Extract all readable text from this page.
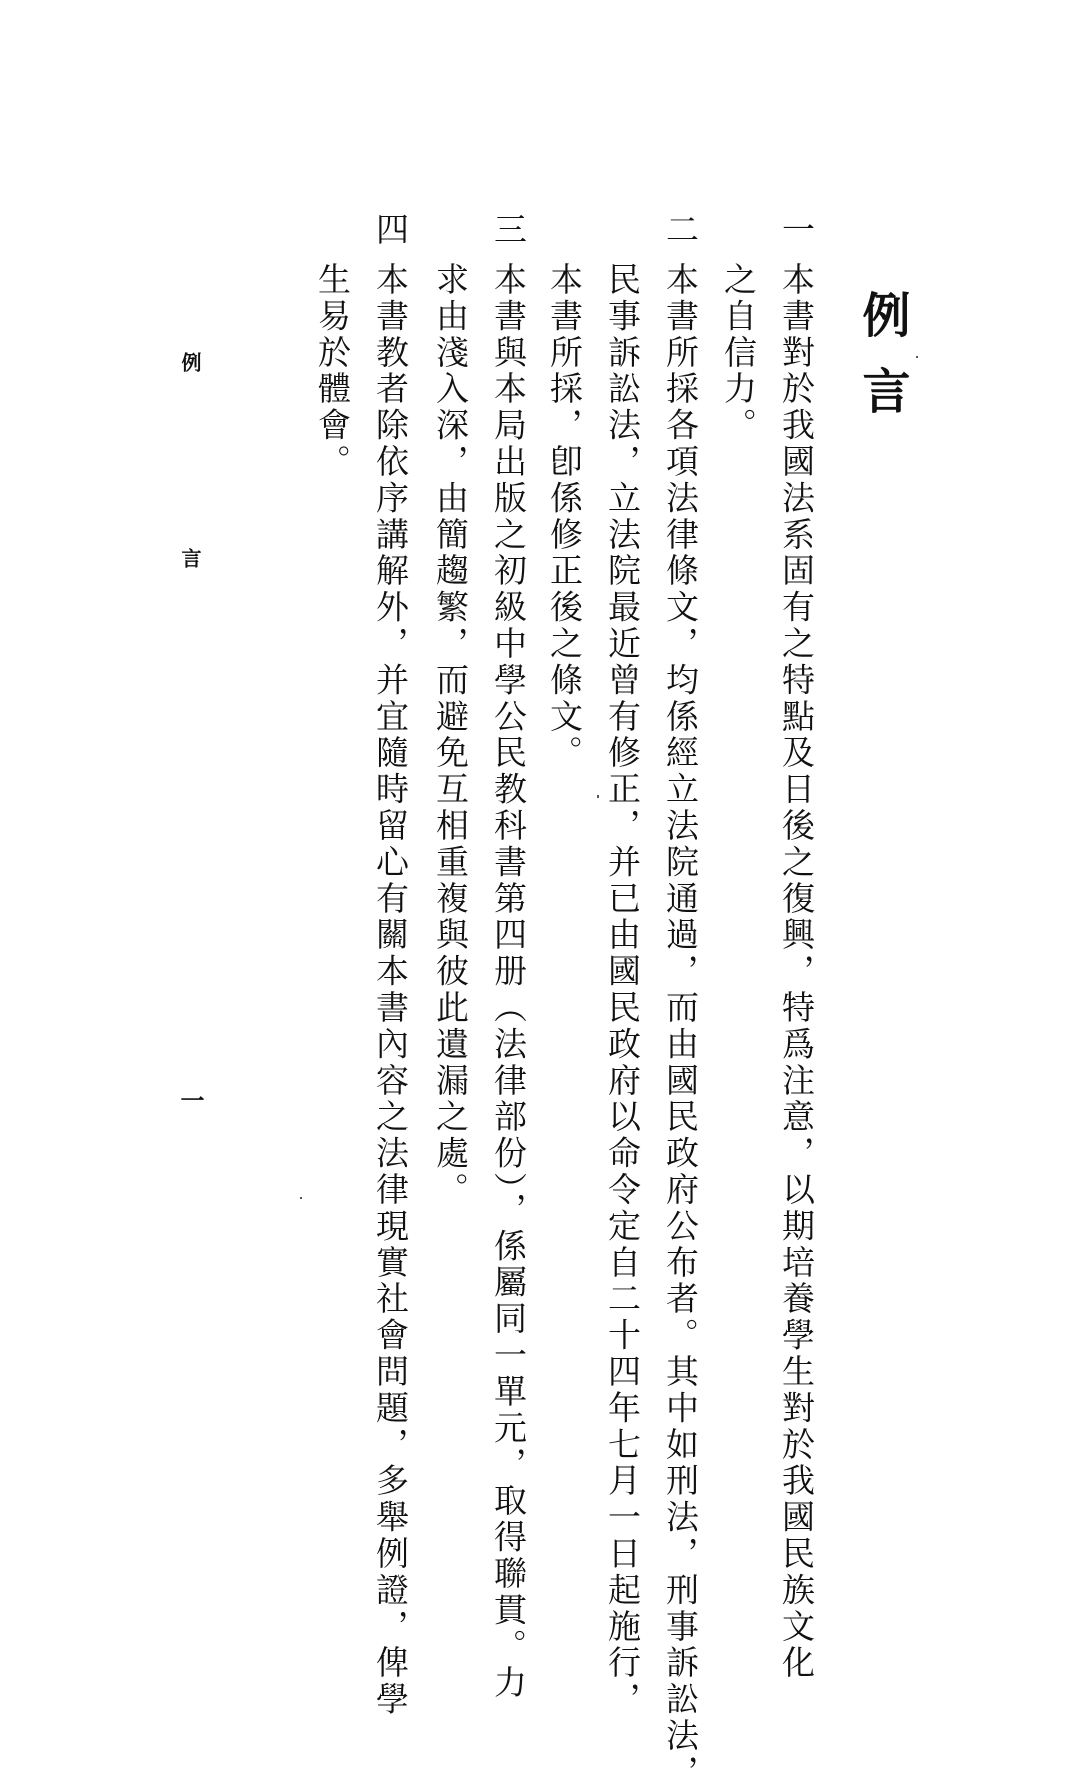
例言
一
本書對於我國法系固有之特點及日後之復興，特爲注意，以期培養學生對於我國民族文化
之自信力。
二
本書所採各項法律條文，均係經立法院通過，而由國民政府公布者。其中如刑法，刑事訴訟法，
民事訴訟法，立法院最近曾有修正，并已由國民政府以命令定自二十四年七月一日起施行，
本書所採，卽係修正後之條文。
三
本書與本局出版之初級中學公民教科書第四册（法律部份），係屬同一單元，取得聯貫。力
求由淺入深，由簡趨繁，而避免互相重複與彼此遺漏之處。
四
本書教者除依序講解外，并宜隨時留心有關本書內容之法律現實社會問題，多舉例證，俾學
生易於體會。
例
言
一
